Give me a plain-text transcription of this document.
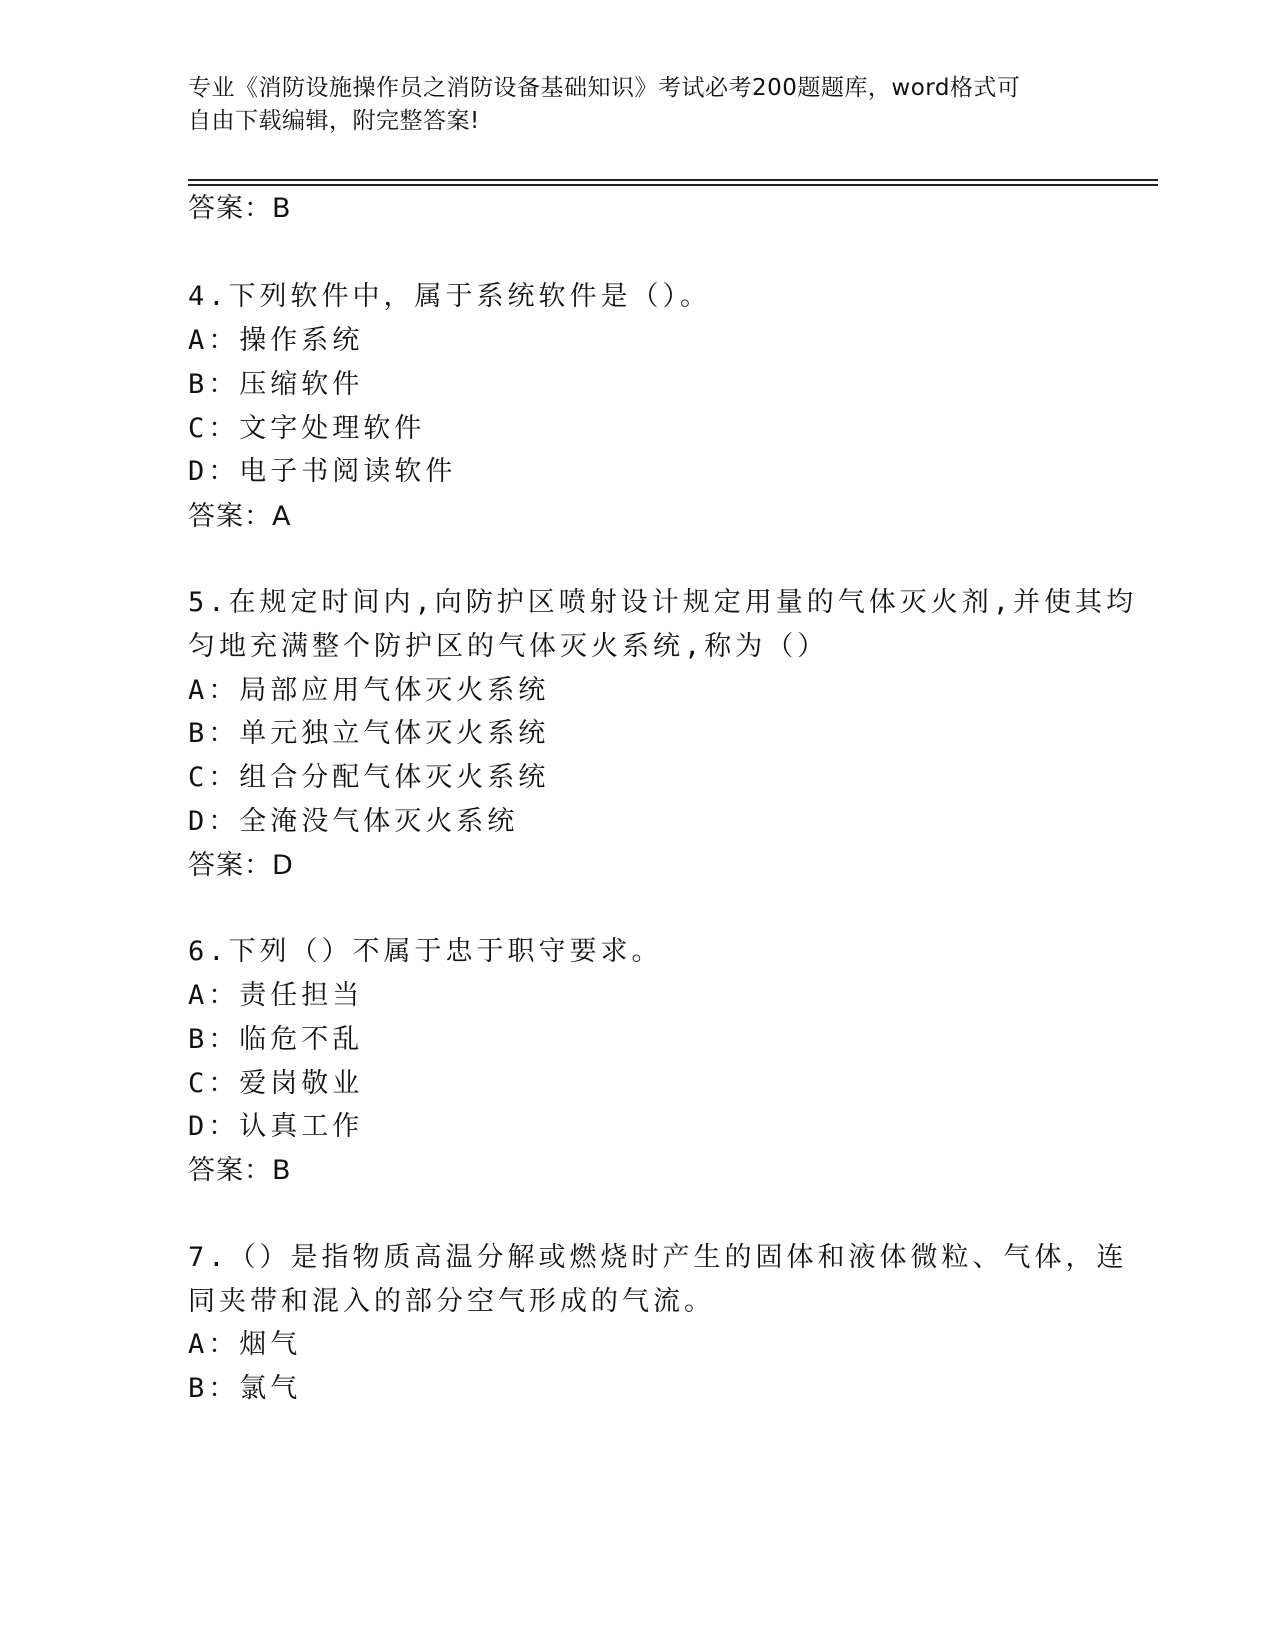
专业《消防设施操作员之消防设备基础知识》考试必考200题题库，word格式可
自由下载编辑，附完整答案!
答案：B
4.下列软件中，属于系统软件是（）。
A：操作系统
B：压缩软件
C：文字处理软件
D：电子书阅读软件
答案：A
5.在规定时间内,向防护区喷射设计规定用量的气体灭火剂,并使其均
匀地充满整个防护区的气体灭火系统,称为（）
A：局部应用气体灭火系统
B：单元独立气体灭火系统
C：组合分配气体灭火系统
D：全淹没气体灭火系统
答案：D
6.下列（）不属于忠于职守要求。
A：责任担当
B：临危不乱
C：爱岗敬业
D：认真工作
答案：B
7.（）是指物质高温分解或燃烧时产生的固体和液体微粒、气体，连
同夹带和混入的部分空气形成的气流。
A：烟气
B：氯气
